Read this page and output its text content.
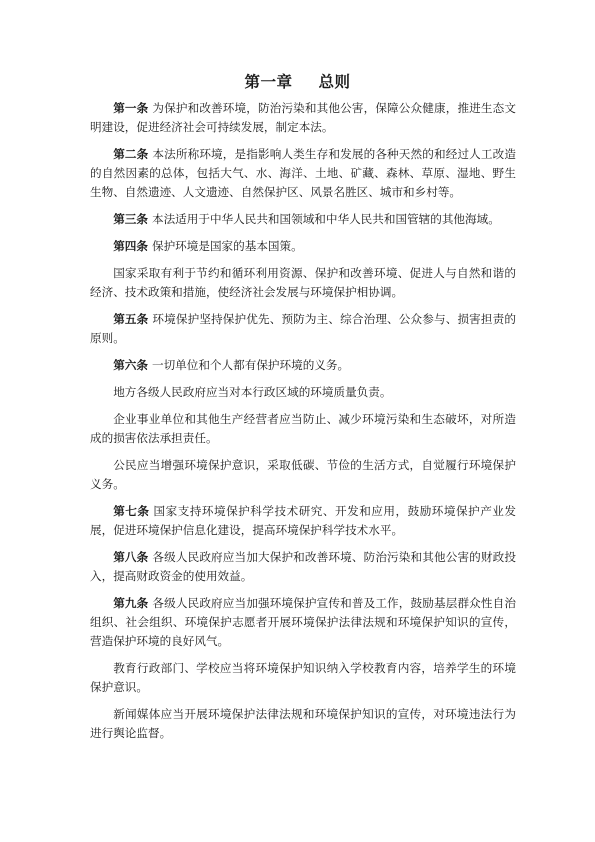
第一章 总则

第一条 为保护和改善环境，防治污染和其他公害，保障公众健康，推进生态文明建设，促进经济社会可持续发展，制定本法。

第二条 本法所称环境，是指影响人类生存和发展的各种天然的和经过人工改造的自然因素的总体，包括大气、水、海洋、土地、矿藏、森林、草原、湿地、野生生物、自然遗迹、人文遗迹、自然保护区、风景名胜区、城市和乡村等。

第三条 本法适用于中华人民共和国领域和中华人民共和国管辖的其他海域。

第四条 保护环境是国家的基本国策。

国家采取有利于节约和循环利用资源、保护和改善环境、促进人与自然和谐的经济、技术政策和措施，使经济社会发展与环境保护相协调。

第五条 环境保护坚持保护优先、预防为主、综合治理、公众参与、损害担责的原则。

第六条 一切单位和个人都有保护环境的义务。

地方各级人民政府应当对本行政区域的环境质量负责。

企业事业单位和其他生产经营者应当防止、减少环境污染和生态破坏，对所造成的损害依法承担责任。

公民应当增强环境保护意识，采取低碳、节俭的生活方式，自觉履行环境保护义务。

第七条 国家支持环境保护科学技术研究、开发和应用，鼓励环境保护产业发展，促进环境保护信息化建设，提高环境保护科学技术水平。

第八条 各级人民政府应当加大保护和改善环境、防治污染和其他公害的财政投入，提高财政资金的使用效益。

第九条 各级人民政府应当加强环境保护宣传和普及工作，鼓励基层群众性自治组织、社会组织、环境保护志愿者开展环境保护法律法规和环境保护知识的宣传，营造保护环境的良好风气。

教育行政部门、学校应当将环境保护知识纳入学校教育内容，培养学生的环境保护意识。

新闻媒体应当开展环境保护法律法规和环境保护知识的宣传，对环境违法行为进行舆论监督。
